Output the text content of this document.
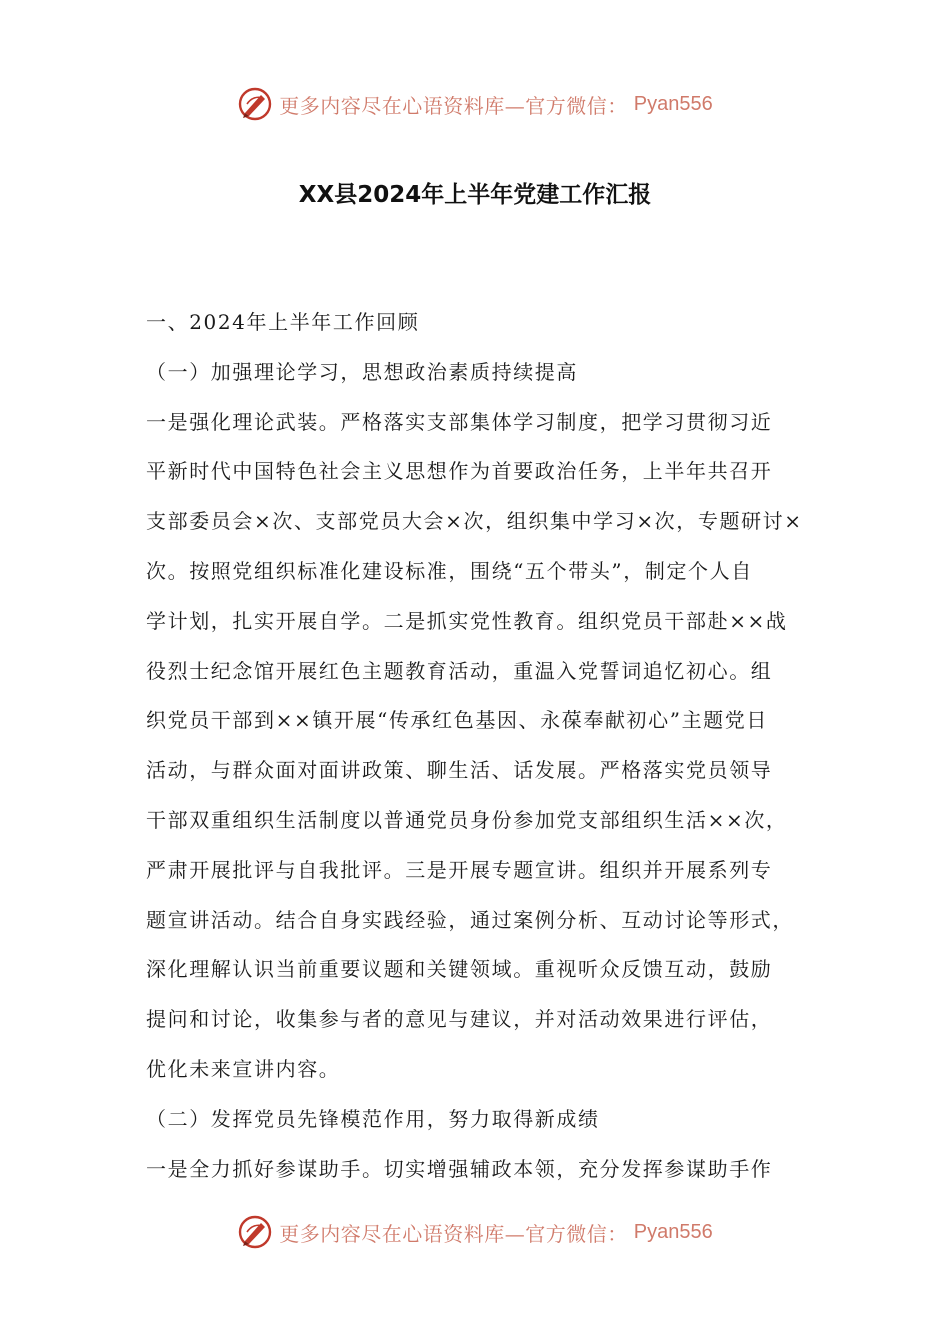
更多内容尽在心语资料库—官方微信： Pyan556
XX县2024年上半年党建工作汇报

一、2024年上半年工作回顾

（一）加强理论学习，思想政治素质持续提高

一是强化理论武装。严格落实支部集体学习制度，把学习贯彻习近

平新时代中国特色社会主义思想作为首要政治任务，上半年共召开

支部委员会×次、支部党员大会×次，组织集中学习×次，专题研讨×

次。按照党组织标准化建设标准，围绕“五个带头”，制定个人自

学计划，扎实开展自学。二是抓实党性教育。组织党员干部赴××战

役烈士纪念馆开展红色主题教育活动，重温入党誓词追忆初心。组

织党员干部到××镇开展“传承红色基因、永葆奉献初心”主题党日

活动，与群众面对面讲政策、聊生活、话发展。严格落实党员领导

干部双重组织生活制度以普通党员身份参加党支部组织生活××次，

严肃开展批评与自我批评。三是开展专题宣讲。组织并开展系列专

题宣讲活动。结合自身实践经验，通过案例分析、互动讨论等形式，

深化理解认识当前重要议题和关键领域。重视听众反馈互动，鼓励

提问和讨论，收集参与者的意见与建议，并对活动效果进行评估，

优化未来宣讲内容。

（二）发挥党员先锋模范作用，努力取得新成绩

一是全力抓好参谋助手。切实增强辅政本领，充分发挥参谋助手作

更多内容尽在心语资料库—官方微信： Pyan556
